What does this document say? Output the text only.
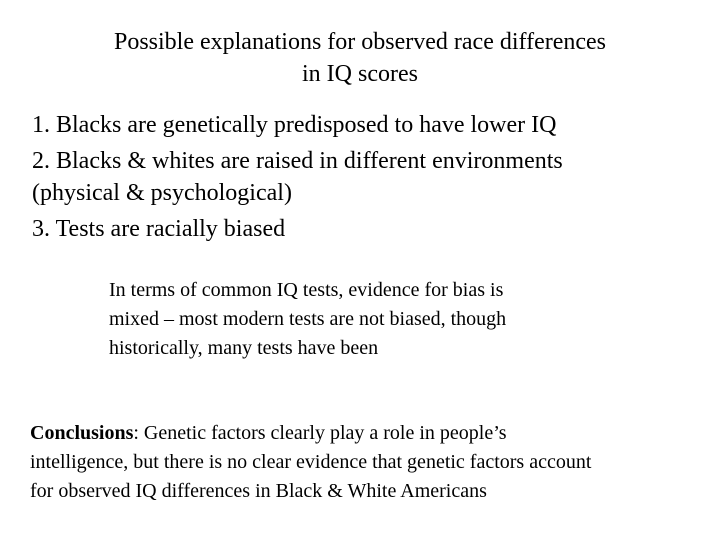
Possible explanations for observed race differences
in IQ scores
1. Blacks are genetically predisposed to have lower IQ
2. Blacks & whites are raised in different environments
(physical & psychological)
3. Tests are racially biased
In terms of common IQ tests, evidence for bias is
mixed – most modern tests are not biased, though
historically, many tests have been
Conclusions: Genetic factors clearly play a role in people’s
intelligence, but there is no clear evidence that genetic factors account
for observed IQ differences in Black & White Americans
